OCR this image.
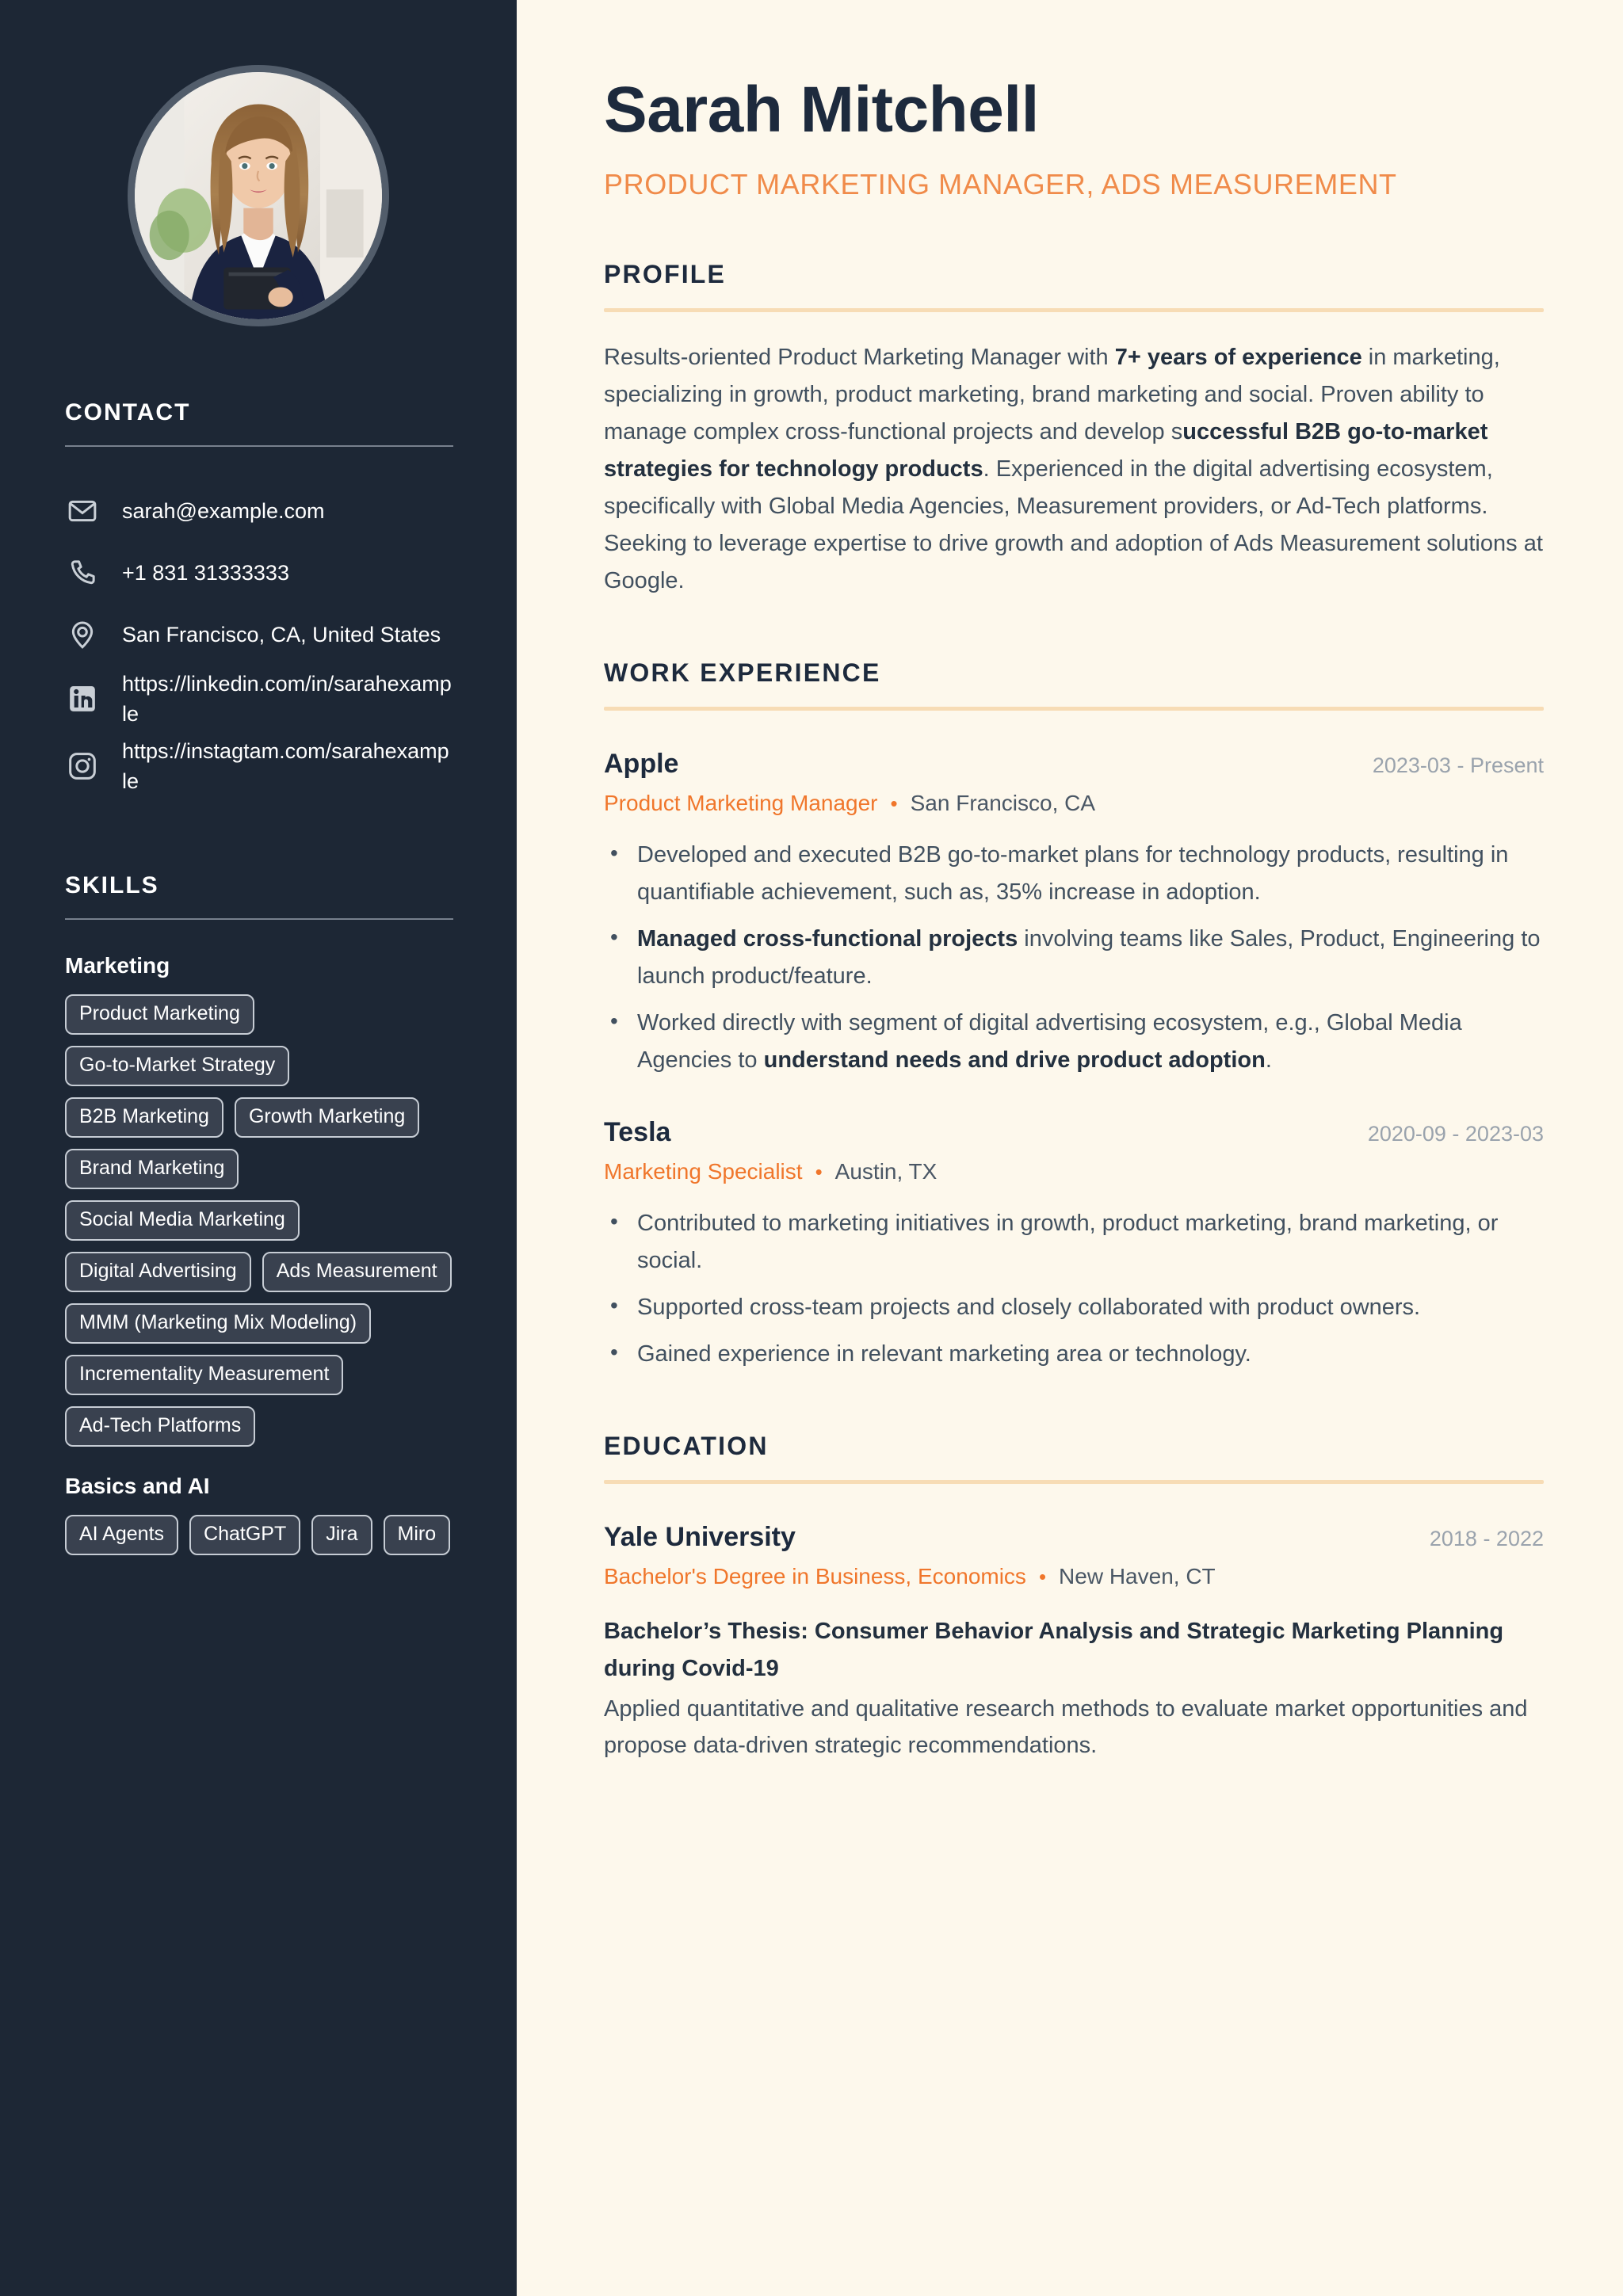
CONTACT
sarah@example.com
+1 831 31333333
San Francisco, CA, United States
https://linkedin.com/in/sarahexample
https://instagtam.com/sarahexample
SKILLS
Marketing
Product Marketing
Go-to-Market Strategy
B2B Marketing	Growth Marketing
Brand Marketing
Social Media Marketing
Digital Advertising	Ads Measurement
MMM (Marketing Mix Modeling)
Incrementality Measurement
Ad-Tech Platforms
Basics and AI
AI Agents	ChatGPT	Jira	Miro
Sarah Mitchell
PRODUCT MARKETING MANAGER, ADS MEASUREMENT
PROFILE

Results-oriented Product Marketing Manager with 7+ years of experience in marketing, specializing in growth, product marketing, brand marketing and social. Proven ability to manage complex cross-functional projects and develop successful B2B go-to-market strategies for technology products. Experienced in the digital advertising ecosystem, specifically with Global Media Agencies, Measurement providers, or Ad-Tech platforms. Seeking to leverage expertise to drive growth and adoption of Ads Measurement solutions at Google.

WORK EXPERIENCE
Apple	2023-03 - Present
Product Marketing Manager • San Francisco, CA
• Developed and executed B2B go-to-market plans for technology products, resulting in quantifiable achievement, such as, 35% increase in adoption.
• Managed cross-functional projects involving teams like Sales, Product, Engineering to launch product/feature.
• Worked directly with segment of digital advertising ecosystem, e.g., Global Media Agencies to understand needs and drive product adoption.
Tesla	2020-09 - 2023-03
Marketing Specialist • Austin, TX
• Contributed to marketing initiatives in growth, product marketing, brand marketing, or social.
• Supported cross-team projects and closely collaborated with product owners.
• Gained experience in relevant marketing area or technology.
EDUCATION
Yale University	2018 - 2022
Bachelor's Degree in Business, Economics • New Haven, CT
Bachelor’s Thesis: Consumer Behavior Analysis and Strategic Marketing Planning during Covid-19
Applied quantitative and qualitative research methods to evaluate market opportunities and propose data-driven strategic recommendations.
